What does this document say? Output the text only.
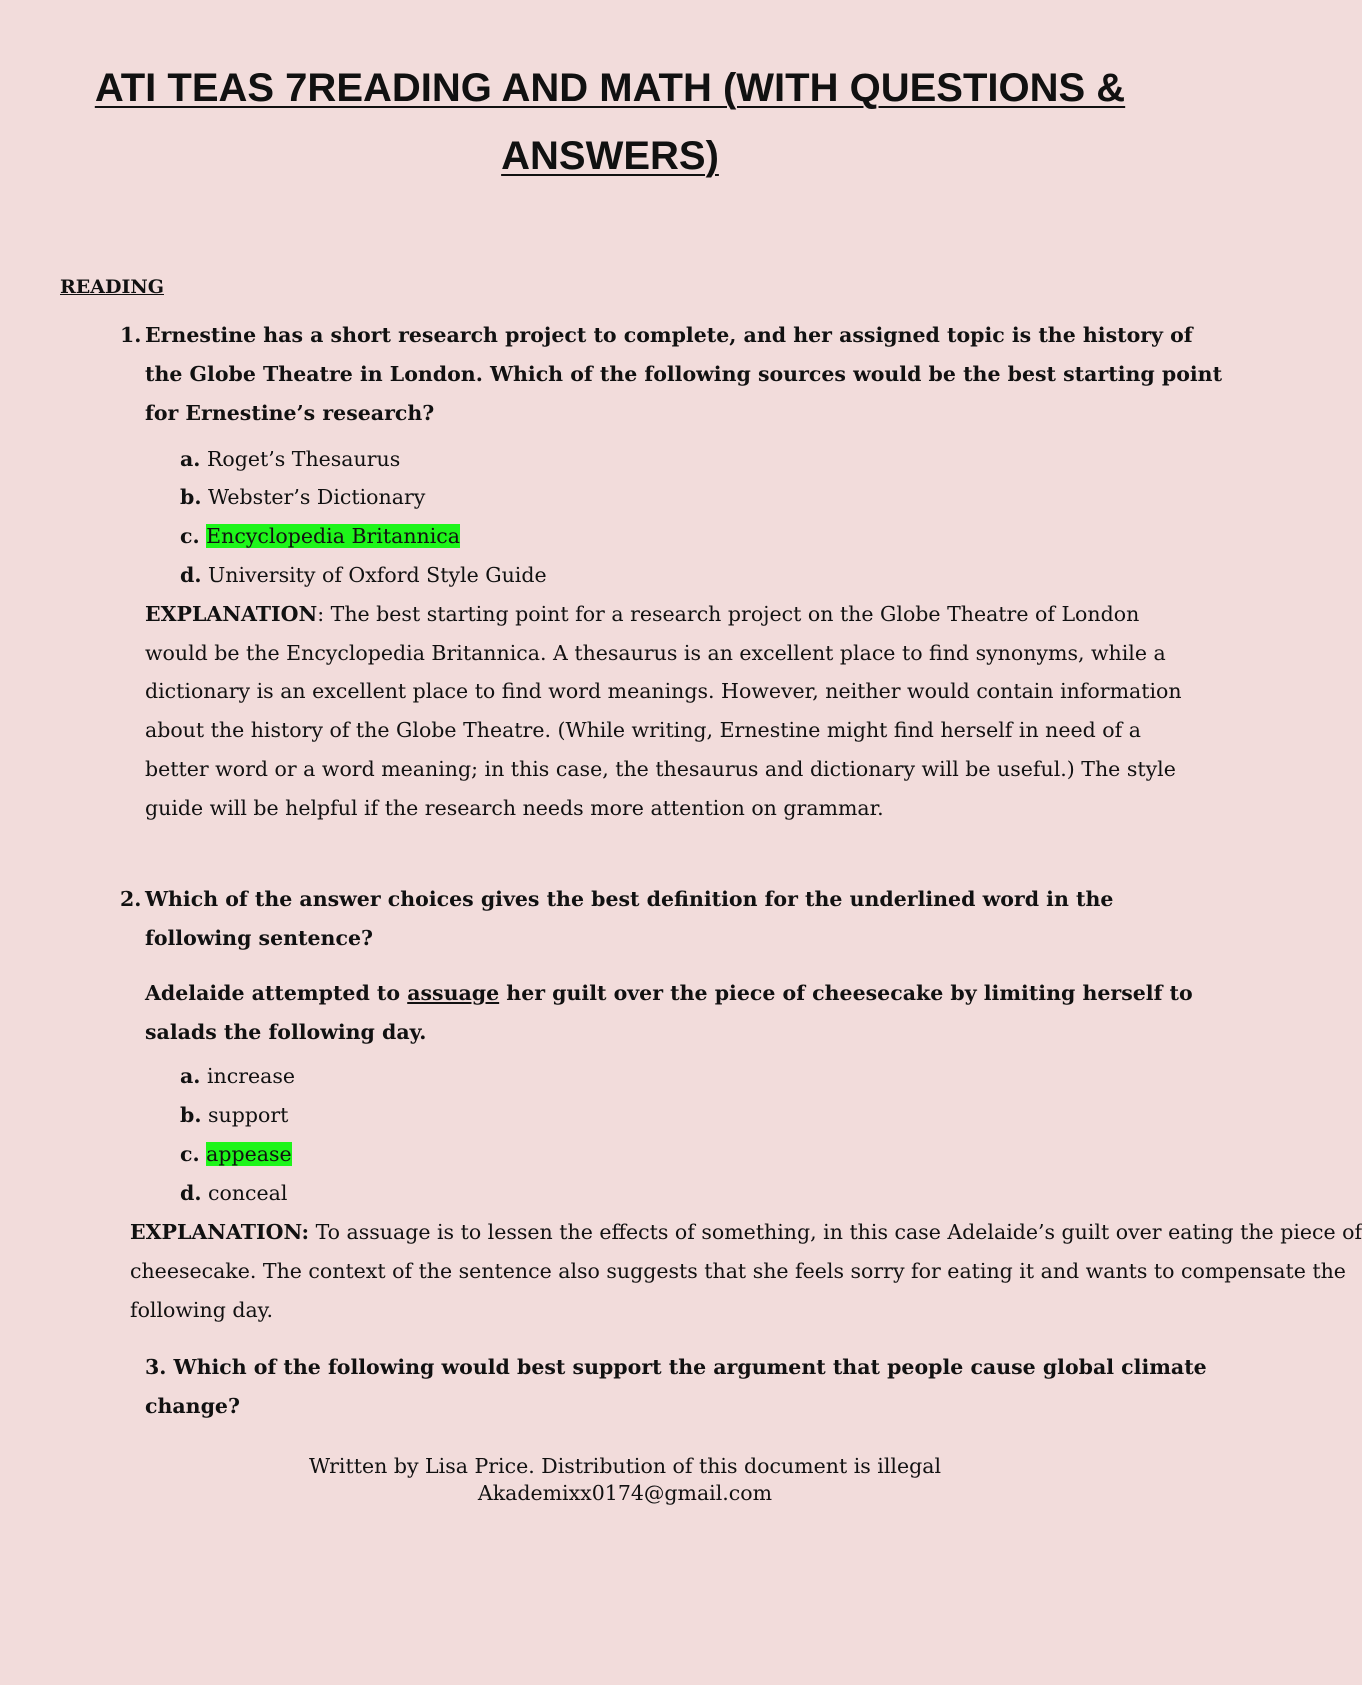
ATI TEAS 7READING AND MATH (WITH QUESTIONS &
ANSWERS)
READING
1. Ernestine has a short research project to complete, and her assigned topic is the history of

the Globe Theatre in London. Which of the following sources would be the best starting point

for Ernestine’s research?

a. Roget’s Thesaurus
b. Webster’s Dictionary
c. Encyclopedia Britannica
d. University of Oxford Style Guide

EXPLANATION: The best starting point for a research project on the Globe Theatre of London

would be the Encyclopedia Britannica. A thesaurus is an excellent place to find synonyms, while a

dictionary is an excellent place to find word meanings. However, neither would contain information

about the history of the Globe Theatre. (While writing, Ernestine might find herself in need of a

better word or a word meaning; in this case, the thesaurus and dictionary will be useful.) The style

guide will be helpful if the research needs more attention on grammar.

2. Which of the answer choices gives the best definition for the underlined word in the

following sentence?

Adelaide attempted to assuage her guilt over the piece of cheesecake by limiting herself to

salads the following day.

a. increase
b. support
c. appease
d. conceal

EXPLANATION: To assuage is to lessen the effects of something, in this case Adelaide’s guilt over eating the piece of

cheesecake. The context of the sentence also suggests that she feels sorry for eating it and wants to compensate the

following day.

3. Which of the following would best support the argument that people cause global climate

change?

Written by Lisa Price. Distribution of this document is illegal

Akademixx0174@gmail.com
